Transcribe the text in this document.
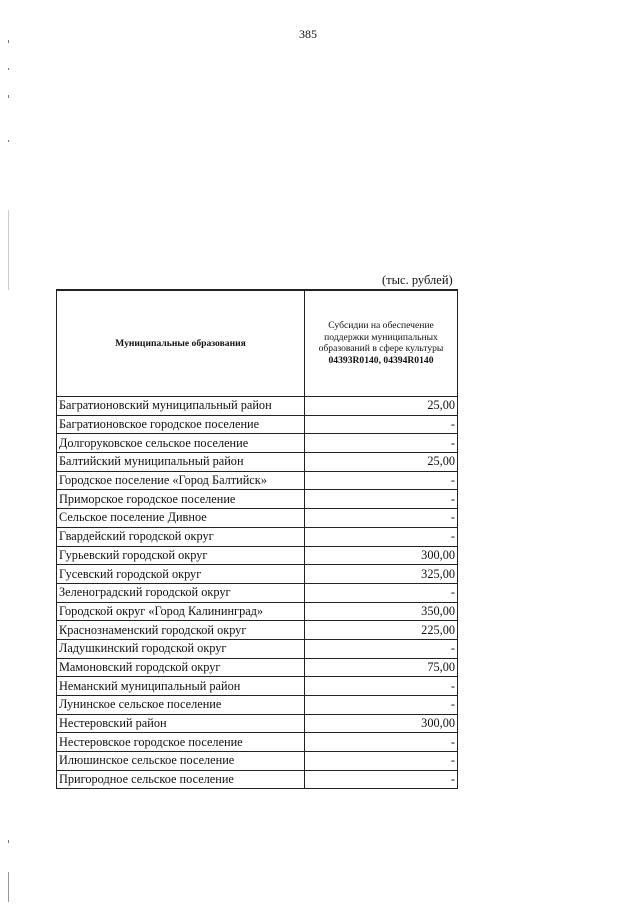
385
(тыс. рублей)
Муниципальные образования	Субсидии на обеспечение
поддержки муниципальных
образований в сфере культуры
04393R0140, 04394R0140

Багратионовский муниципальный район	25,00
Багратионовское городское поселение	-
Долгоруковское сельское поселение	-
Балтийский муниципальный район	25,00
Городское поселение «Город Балтийск»	-
Приморское городское поселение	-
Сельское поселение Дивное	-
Гвардейский городской округ	-
Гурьевский городской округ	300,00
Гусевский городской округ	325,00
Зеленоградский городской округ	-
Городской округ «Город Калининград»	350,00
Краснознаменский городской округ	225,00
Ладушкинский городской округ	-
Мамоновский городской округ	75,00
Неманский муниципальный район	-
Лунинское сельское поселение	-
Нестеровский район	300,00
Нестеровское городское поселение	-
Илюшинское сельское поселение	-
Пригородное сельское поселение	-
